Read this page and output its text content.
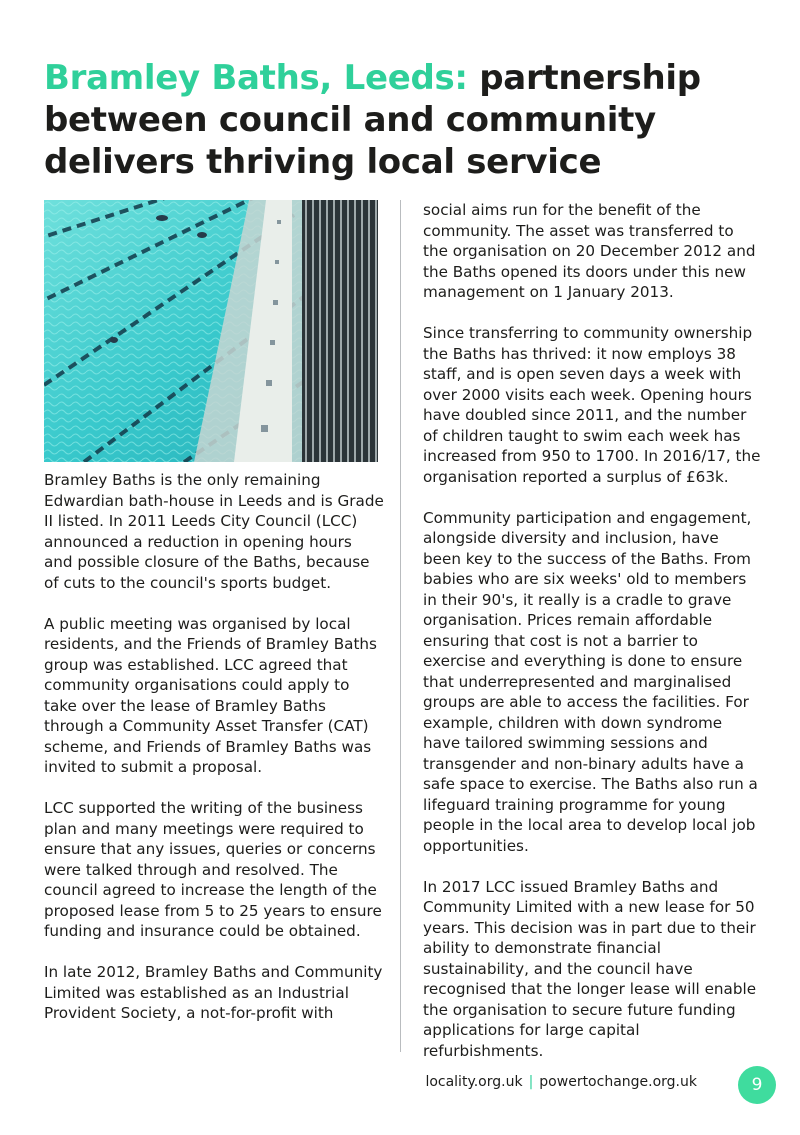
Bramley Baths, Leeds: partnership between council and community delivers thriving local service

Bramley Baths is the only remaining Edwardian bath-house in Leeds and is Grade II listed. In 2011 Leeds City Council (LCC) announced a reduction in opening hours and possible closure of the Baths, because of cuts to the council's sports budget.

A public meeting was organised by local residents, and the Friends of Bramley Baths group was established. LCC agreed that community organisations could apply to take over the lease of Bramley Baths through a Community Asset Transfer (CAT) scheme, and Friends of Bramley Baths was invited to submit a proposal.

LCC supported the writing of the business plan and many meetings were required to ensure that any issues, queries or concerns were talked through and resolved. The council agreed to increase the length of the proposed lease from 5 to 25 years to ensure funding and insurance could be obtained.

In late 2012, Bramley Baths and Community Limited was established as an Industrial Provident Society, a not-for-profit with

social aims run for the benefit of the community. The asset was transferred to the organisation on 20 December 2012 and the Baths opened its doors under this new management on 1 January 2013.

Since transferring to community ownership the Baths has thrived: it now employs 38 staff, and is open seven days a week with over 2000 visits each week. Opening hours have doubled since 2011, and the number of children taught to swim each week has increased from 950 to 1700. In 2016/17, the organisation reported a surplus of £63k.

Community participation and engagement, alongside diversity and inclusion, have been key to the success of the Baths. From babies who are six weeks' old to members in their 90's, it really is a cradle to grave organisation. Prices remain affordable ensuring that cost is not a barrier to exercise and everything is done to ensure that underrepresented and marginalised groups are able to access the facilities. For example, children with down syndrome have tailored swimming sessions and transgender and non-binary adults have a safe space to exercise. The Baths also run a lifeguard training programme for young people in the local area to develop local job opportunities.

In 2017 LCC issued Bramley Baths and Community Limited with a new lease for 50 years. This decision was in part due to their ability to demonstrate financial sustainability, and the council have recognised that the longer lease will enable the organisation to secure future funding applications for large capital refurbishments.

locality.org.uk | powertochange.org.uk	9
